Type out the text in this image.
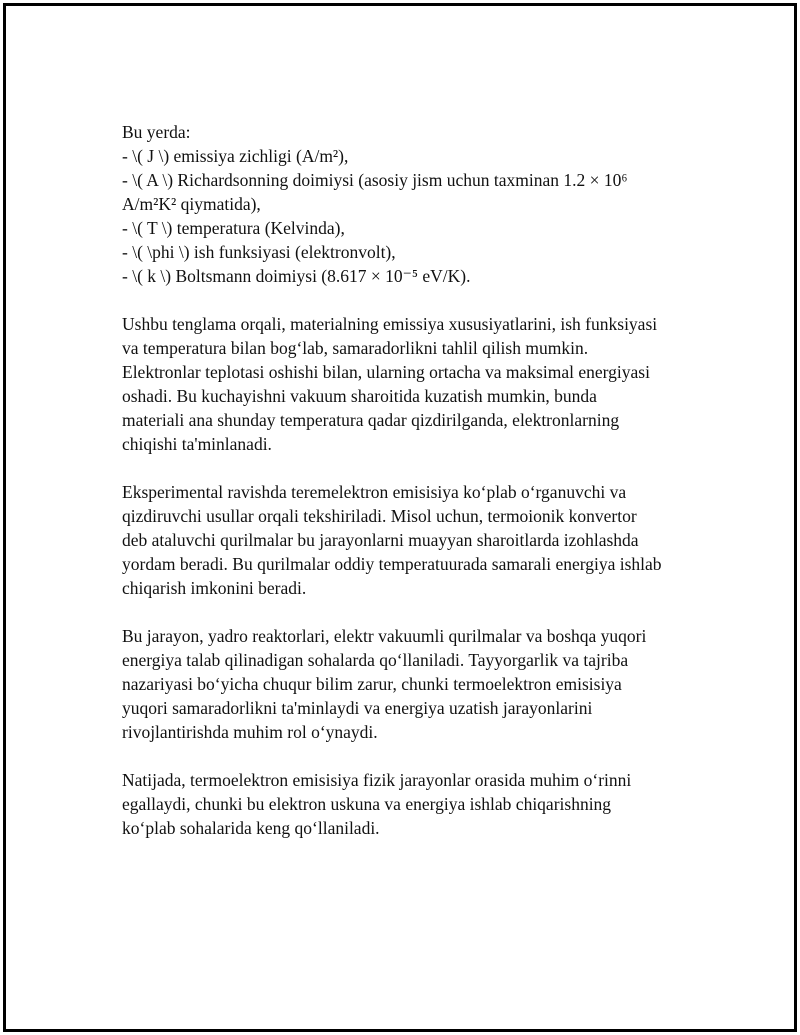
Bu yerda:
- \( J \) emissiya zichligi (A/m²),
- \( A \) Richardsonning doimiysi (asosiy jism uchun taxminan 1.2 × 10⁶
A/m²K² qiymatida),
- \( T \) temperatura (Kelvinda),
- \( \phi \) ish funksiyasi (elektronvolt),
- \( k \) Boltsmann doimiysi (8.617 × 10⁻⁵ eV/K).
Ushbu tenglama orqali, materialning emissiya xususiyatlarini, ish funksiyasi
va temperatura bilan bog‘lab, samaradorlikni tahlil qilish mumkin.
Elektronlar teplotasi oshishi bilan, ularning ortacha va maksimal energiyasi
oshadi. Bu kuchayishni vakuum sharoitida kuzatish mumkin, bunda
materiali ana shunday temperatura qadar qizdirilganda, elektronlarning
chiqishi ta'minlanadi.
Eksperimental ravishda teremelektron emisisiya ko‘plab o‘rganuvchi va
qizdiruvchi usullar orqali tekshiriladi. Misol uchun, termoionik konvertor
deb ataluvchi qurilmalar bu jarayonlarni muayyan sharoitlarda izohlashda
yordam beradi. Bu qurilmalar oddiy temperatuurada samarali energiya ishlab
chiqarish imkonini beradi.
Bu jarayon, yadro reaktorlari, elektr vakuumli qurilmalar va boshqa yuqori
energiya talab qilinadigan sohalarda qo‘llaniladi. Tayyorgarlik va tajriba
nazariyasi bo‘yicha chuqur bilim zarur, chunki termoelektron emisisiya
yuqori samaradorlikni ta'minlaydi va energiya uzatish jarayonlarini
rivojlantirishda muhim rol o‘ynaydi.
Natijada, termoelektron emisisiya fizik jarayonlar orasida muhim o‘rinni
egallaydi, chunki bu elektron uskuna va energiya ishlab chiqarishning
ko‘plab sohalarida keng qo‘llaniladi.
